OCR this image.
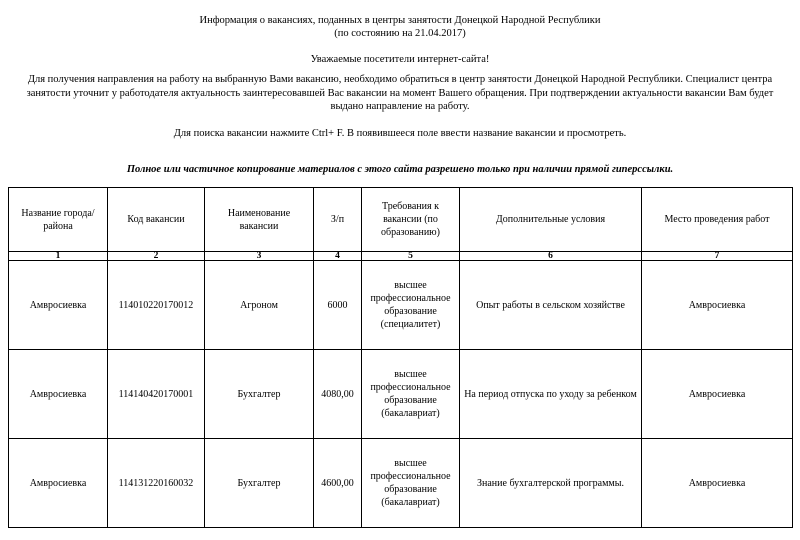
Информация о вакансиях, поданных в центры занятости Донецкой Народной Республики
(по состоянию на 21.04.2017)
Уважаемые посетители интернет-сайта!
Для получения направления на работу на выбранную Вами вакансию, необходимо обратиться в центр занятости Донецкой Народной Республики. Специалист центра занятости уточнит у работодателя актуальность заинтересовавшей Вас вакансии на момент Вашего обращения. При подтверждении актуальности вакансии Вам будет выдано направление на работу.
Для поиска вакансии нажмите Ctrl+ F. В появившееся поле ввести название вакансии и просмотреть.
Полное или частичное копирование материалов с этого сайта разрешено только при наличии прямой гиперссылки.
Название города/района	Код вакансии	Наименование вакансии	З/п	Требования к вакансии (по образованию)	Дополнительные условия	Место проведения работ
1	2	3	4	5	6	7
Амвросиевка	114010220170012	Агроном	6000	высшее профессиональное образование (специалитет)	Опыт работы в сельском хозяйстве	Амвросиевка
Амвросиевка	114140420170001	Бухгалтер	4080,00	высшее профессиональное образование (бакалавриат)	На период отпуска по уходу за ребенком	Амвросиевка
Амвросиевка	114131220160032	Бухгалтер	4600,00	высшее профессиональное образование (бакалавриат)	Знание бухгалтерской программы.	Амвросиевка
